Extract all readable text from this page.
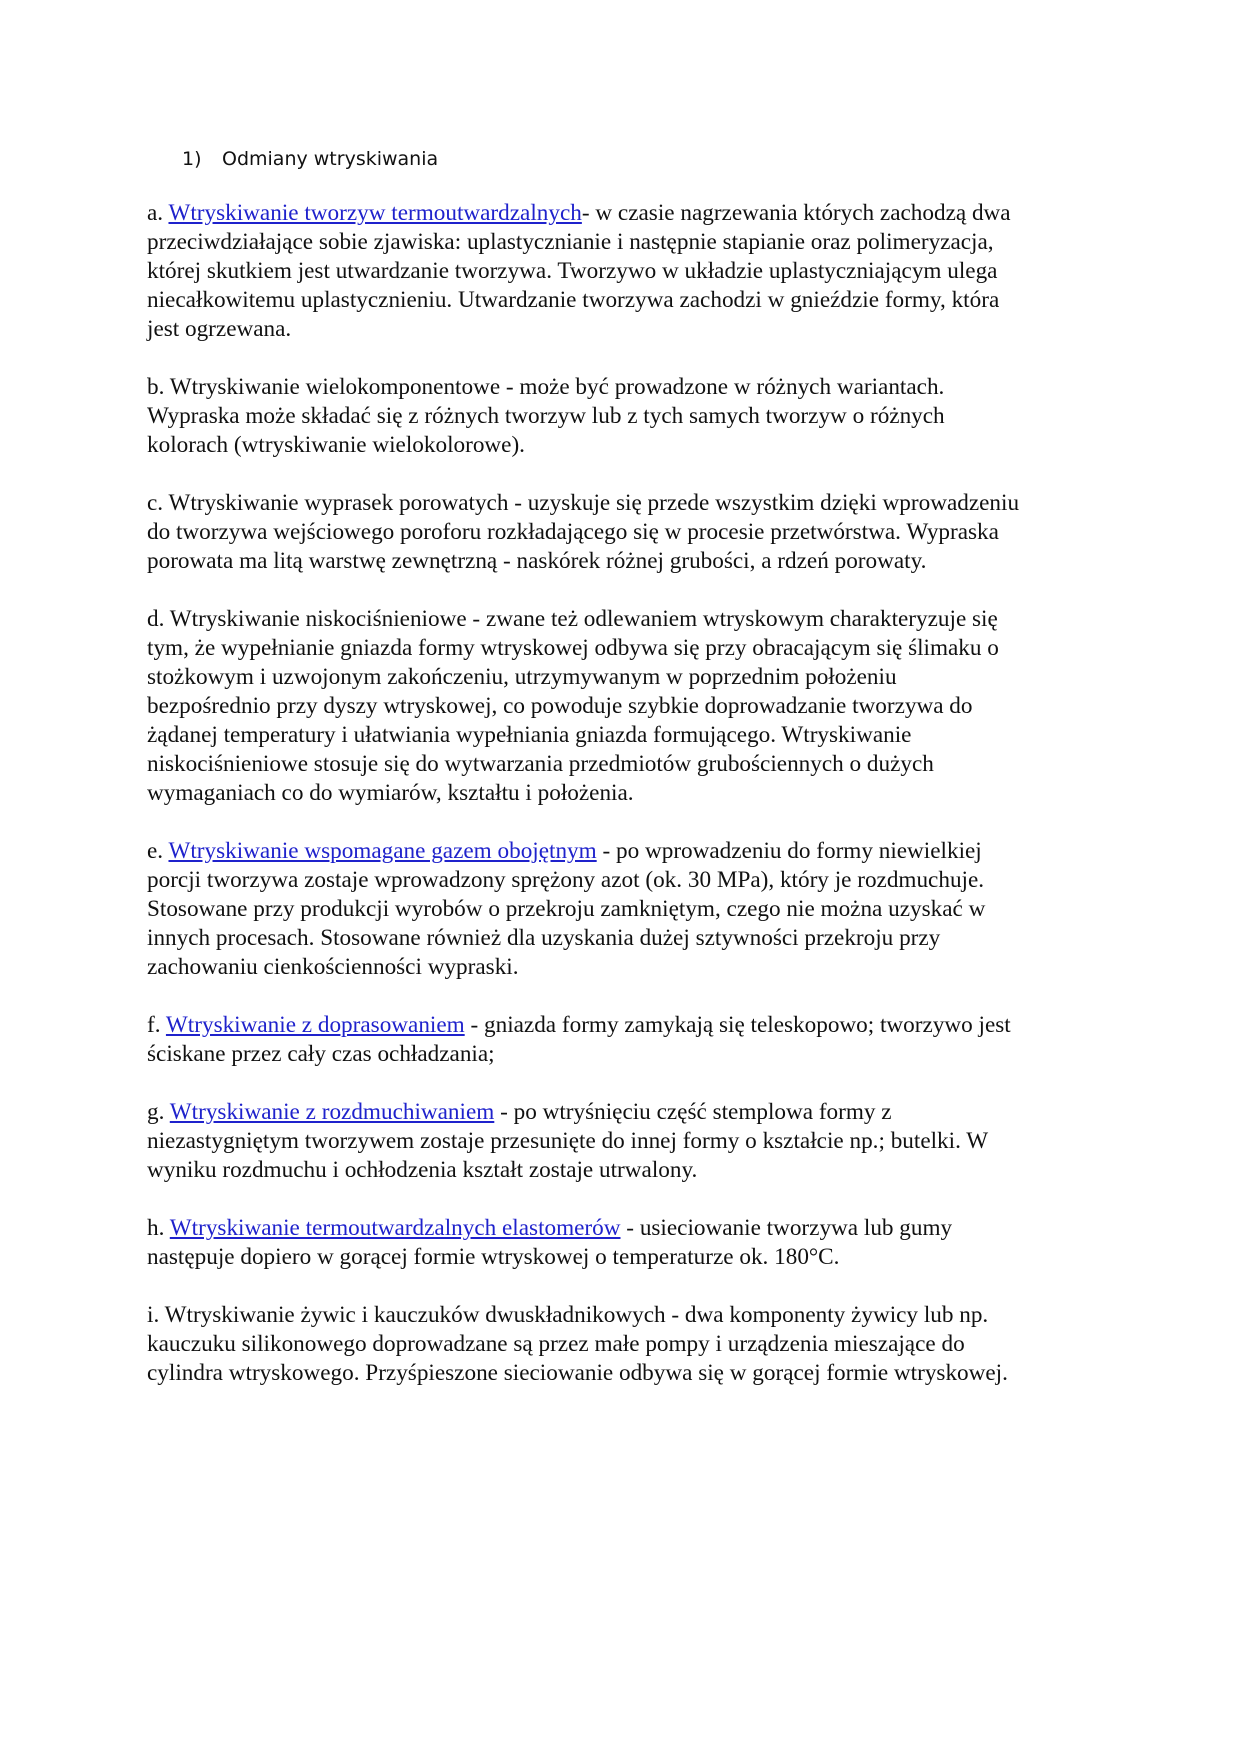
1) Odmiany wtryskiwania

a. Wtryskiwanie tworzyw termoutwardzalnych- w czasie nagrzewania których zachodzą dwa
przeciwdziałające sobie zjawiska: uplastycznianie i następnie stapianie oraz polimeryzacja,
której skutkiem jest utwardzanie tworzywa. Tworzywo w układzie uplastyczniającym ulega
niecałkowitemu uplastycznieniu. Utwardzanie tworzywa zachodzi w gnieździe formy, która
jest ogrzewana.

b. Wtryskiwanie wielokomponentowe - może być prowadzone w różnych wariantach.
Wypraska może składać się z różnych tworzyw lub z tych samych tworzyw o różnych
kolorach (wtryskiwanie wielokolorowe).

c. Wtryskiwanie wyprasek porowatych - uzyskuje się przede wszystkim dzięki wprowadzeniu
do tworzywa wejściowego poroforu rozkładającego się w procesie przetwórstwa. Wypraska
porowata ma litą warstwę zewnętrzną - naskórek różnej grubości, a rdzeń porowaty.

d. Wtryskiwanie niskociśnieniowe - zwane też odlewaniem wtryskowym charakteryzuje się
tym, że wypełnianie gniazda formy wtryskowej odbywa się przy obracającym się ślimaku o
stożkowym i uzwojonym zakończeniu, utrzymywanym w poprzednim położeniu
bezpośrednio przy dyszy wtryskowej, co powoduje szybkie doprowadzanie tworzywa do
żądanej temperatury i ułatwiania wypełniania gniazda formującego. Wtryskiwanie
niskociśnieniowe stosuje się do wytwarzania przedmiotów grubościennych o dużych
wymaganiach co do wymiarów, kształtu i położenia.

e. Wtryskiwanie wspomagane gazem obojętnym - po wprowadzeniu do formy niewielkiej
porcji tworzywa zostaje wprowadzony sprężony azot (ok. 30 MPa), który je rozdmuchuje.
Stosowane przy produkcji wyrobów o przekroju zamkniętym, czego nie można uzyskać w
innych procesach. Stosowane również dla uzyskania dużej sztywności przekroju przy
zachowaniu cienkościenności wypraski.

f. Wtryskiwanie z doprasowaniem - gniazda formy zamykają się teleskopowo; tworzywo jest
ściskane przez cały czas ochładzania;

g. Wtryskiwanie z rozdmuchiwaniem - po wtryśnięciu część stemplowa formy z
niezastygniętym tworzywem zostaje przesunięte do innej formy o kształcie np.; butelki. W
wyniku rozdmuchu i ochłodzenia kształt zostaje utrwalony.

h. Wtryskiwanie termoutwardzalnych elastomerów - usieciowanie tworzywa lub gumy
następuje dopiero w gorącej formie wtryskowej o temperaturze ok. 180°C.

i. Wtryskiwanie żywic i kauczuków dwuskładnikowych - dwa komponenty żywicy lub np.
kauczuku silikonowego doprowadzane są przez małe pompy i urządzenia mieszające do
cylindra wtryskowego. Przyśpieszone sieciowanie odbywa się w gorącej formie wtryskowej.
